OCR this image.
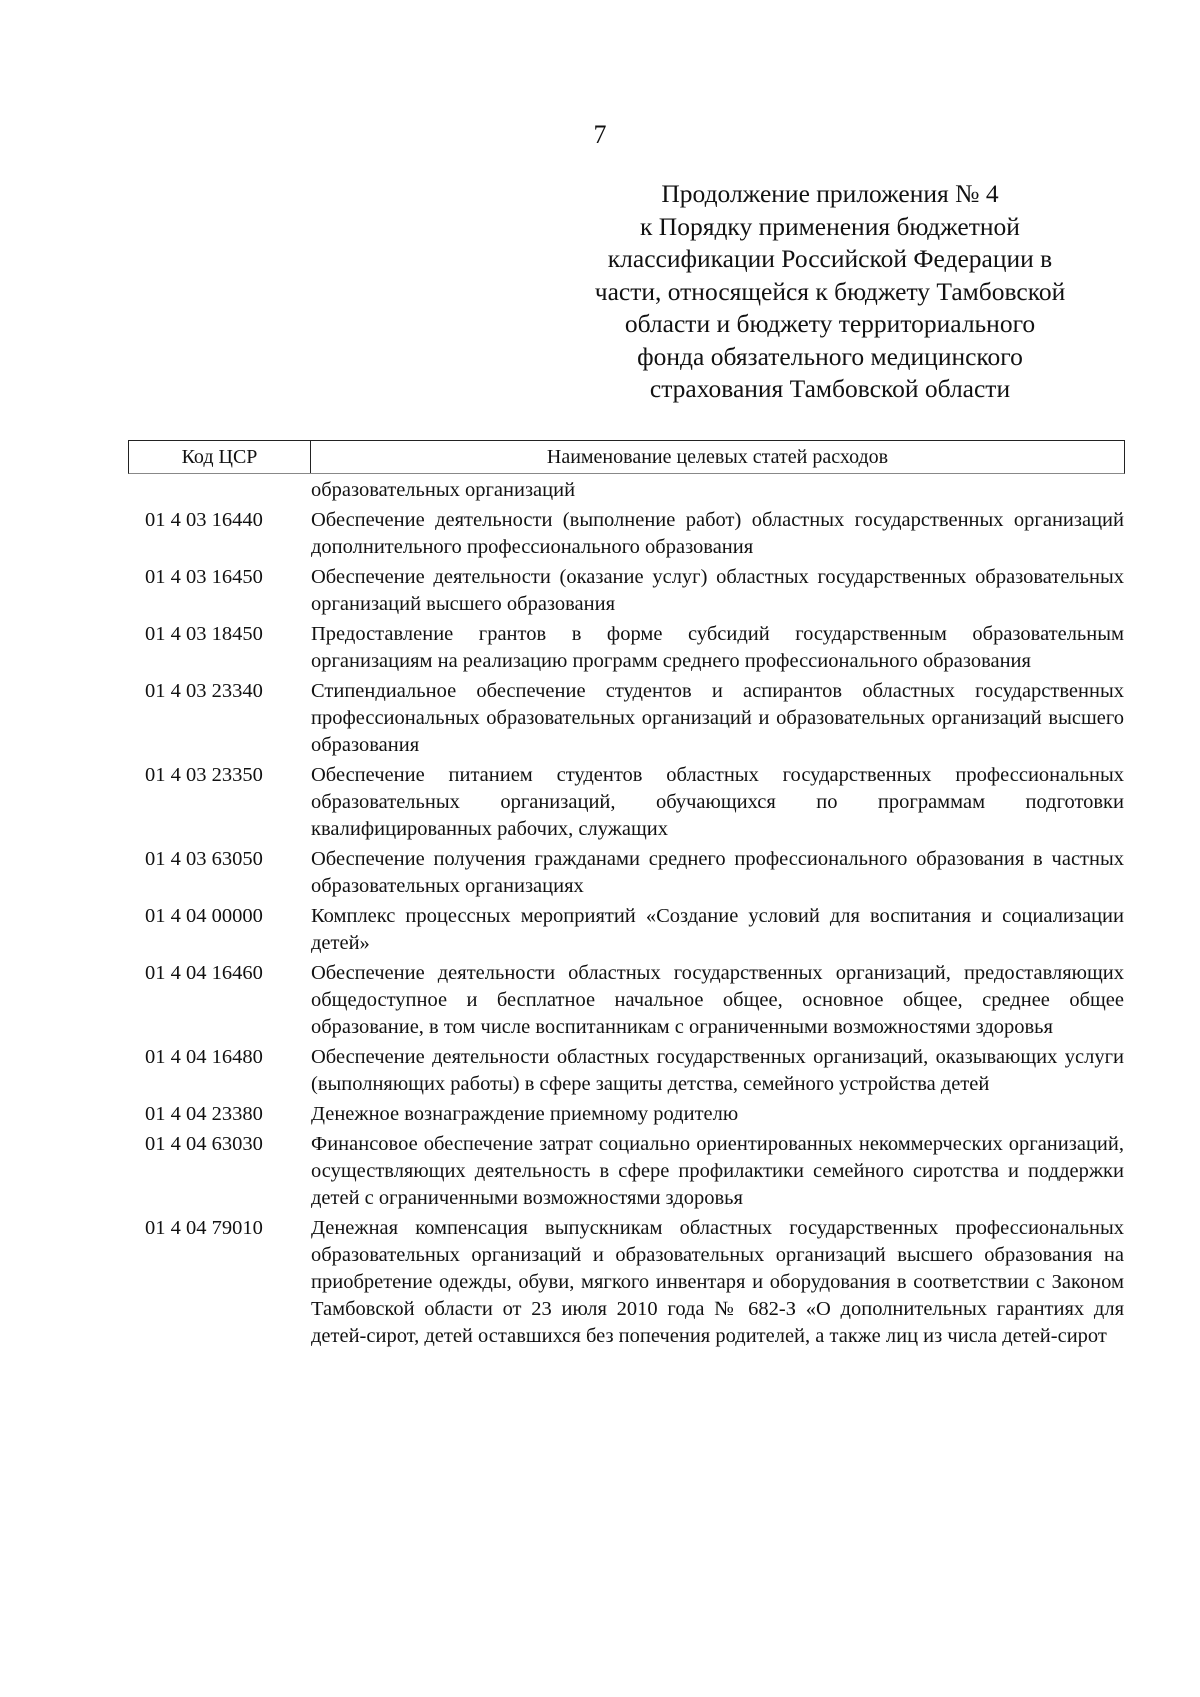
7
Продолжение приложения № 4
к Порядку применения бюджетной
классификации Российской Федерации в
части, относящейся к бюджету Тамбовской
области и бюджету территориального
фонда обязательного медицинского
страхования Тамбовской области
Код ЦСР	Наименование целевых статей расходов
образовательных организаций
01 4 03 16440	Обеспечение деятельности (выполнение работ) областных государственных организаций дополнительного профессионального образования
01 4 03 16450	Обеспечение деятельности (оказание услуг) областных государственных образовательных организаций высшего образования
01 4 03 18450	Предоставление грантов в форме субсидий государственным образовательным организациям на реализацию программ среднего профессионального образования
01 4 03 23340	Стипендиальное обеспечение студентов и аспирантов областных государственных профессиональных образовательных организаций и образовательных организаций высшего образования
01 4 03 23350	Обеспечение питанием студентов областных государственных профессиональных образовательных организаций, обучающихся по программам подготовки квалифицированных рабочих, служащих
01 4 03 63050	Обеспечение получения гражданами среднего профессионального образования в частных образовательных организациях
01 4 04 00000	Комплекс процессных мероприятий «Создание условий для воспитания и социализации детей»
01 4 04 16460	Обеспечение деятельности областных государственных организаций, предоставляющих общедоступное и бесплатное начальное общее, основное общее, среднее общее образование, в том числе воспитанникам с ограниченными возможностями здоровья
01 4 04 16480	Обеспечение деятельности областных государственных организаций, оказывающих услуги (выполняющих работы) в сфере защиты детства, семейного устройства детей
01 4 04 23380	Денежное вознаграждение приемному родителю
01 4 04 63030	Финансовое обеспечение затрат социально ориентированных некоммерческих организаций, осуществляющих деятельность в сфере профилактики семейного сиротства и поддержки детей с ограниченными возможностями здоровья
01 4 04 79010	Денежная компенсация выпускникам областных государственных профессиональных образовательных организаций и образовательных организаций высшего образования на приобретение одежды, обуви, мягкого инвентаря и оборудования в соответствии с Законом Тамбовской области от 23 июля 2010 года № 682-З «О дополнительных гарантиях для детей-сирот, детей оставшихся без попечения родителей, а также лиц из числа детей-сирот
